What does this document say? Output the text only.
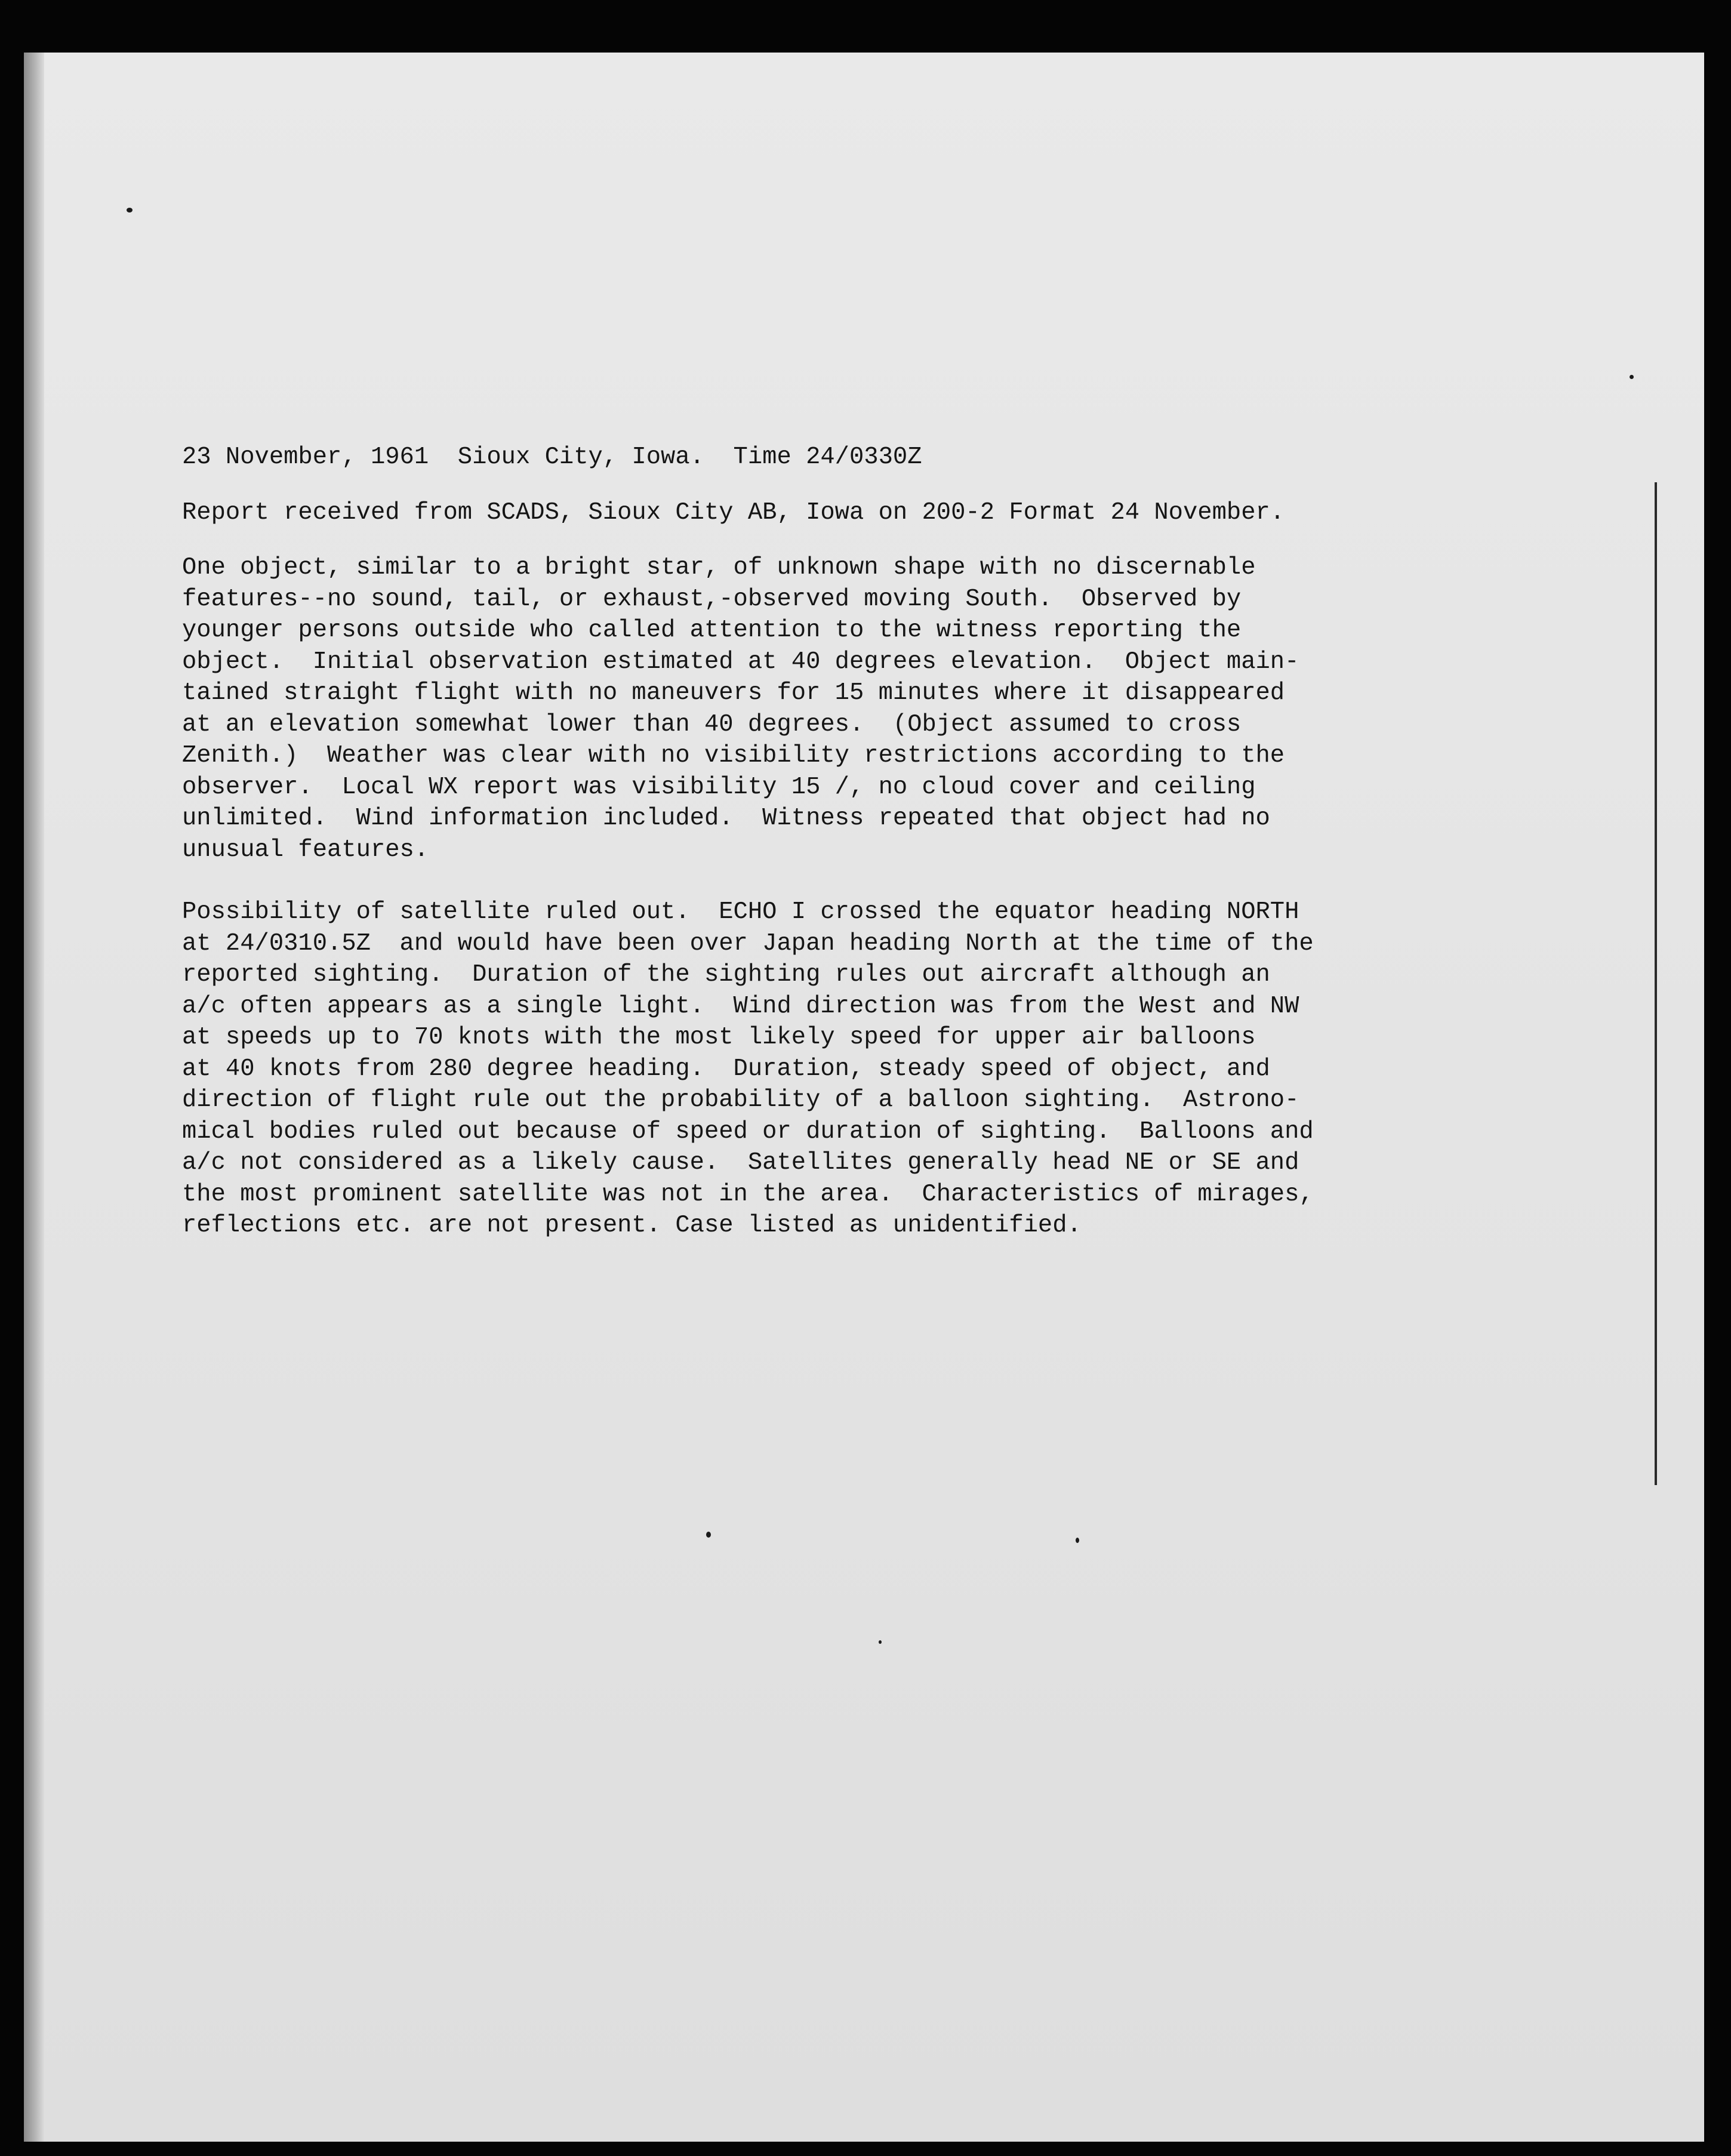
23 November, 1961  Sioux City, Iowa.  Time 24/0330Z

Report received from SCADS, Sioux City AB, Iowa on 200-2 Format 24 November.

One object, similar to a bright star, of unknown shape with no discernable

features--no sound, tail, or exhaust,-observed moving South.  Observed by

younger persons outside who called attention to the witness reporting the

object.  Initial observation estimated at 40 degrees elevation.  Object main-

tained straight flight with no maneuvers for 15 minutes where it disappeared

at an elevation somewhat lower than 40 degrees.  (Object assumed to cross

Zenith.)  Weather was clear with no visibility restrictions according to the

observer.  Local WX report was visibility 15 /, no cloud cover and ceiling

unlimited.  Wind information included.  Witness repeated that object had no

unusual features.

Possibility of satellite ruled out.  ECHO I crossed the equator heading NORTH

at 24/0310.5Z  and would have been over Japan heading North at the time of the

reported sighting.  Duration of the sighting rules out aircraft although an

a/c often appears as a single light.  Wind direction was from the West and NW

at speeds up to 70 knots with the most likely speed for upper air balloons

at 40 knots from 280 degree heading.  Duration, steady speed of object, and

direction of flight rule out the probability of a balloon sighting.  Astrono-

mical bodies ruled out because of speed or duration of sighting.  Balloons and

a/c not considered as a likely cause.  Satellites generally head NE or SE and

the most prominent satellite was not in the area.  Characteristics of mirages,

reflections etc. are not present. Case listed as unidentified.
